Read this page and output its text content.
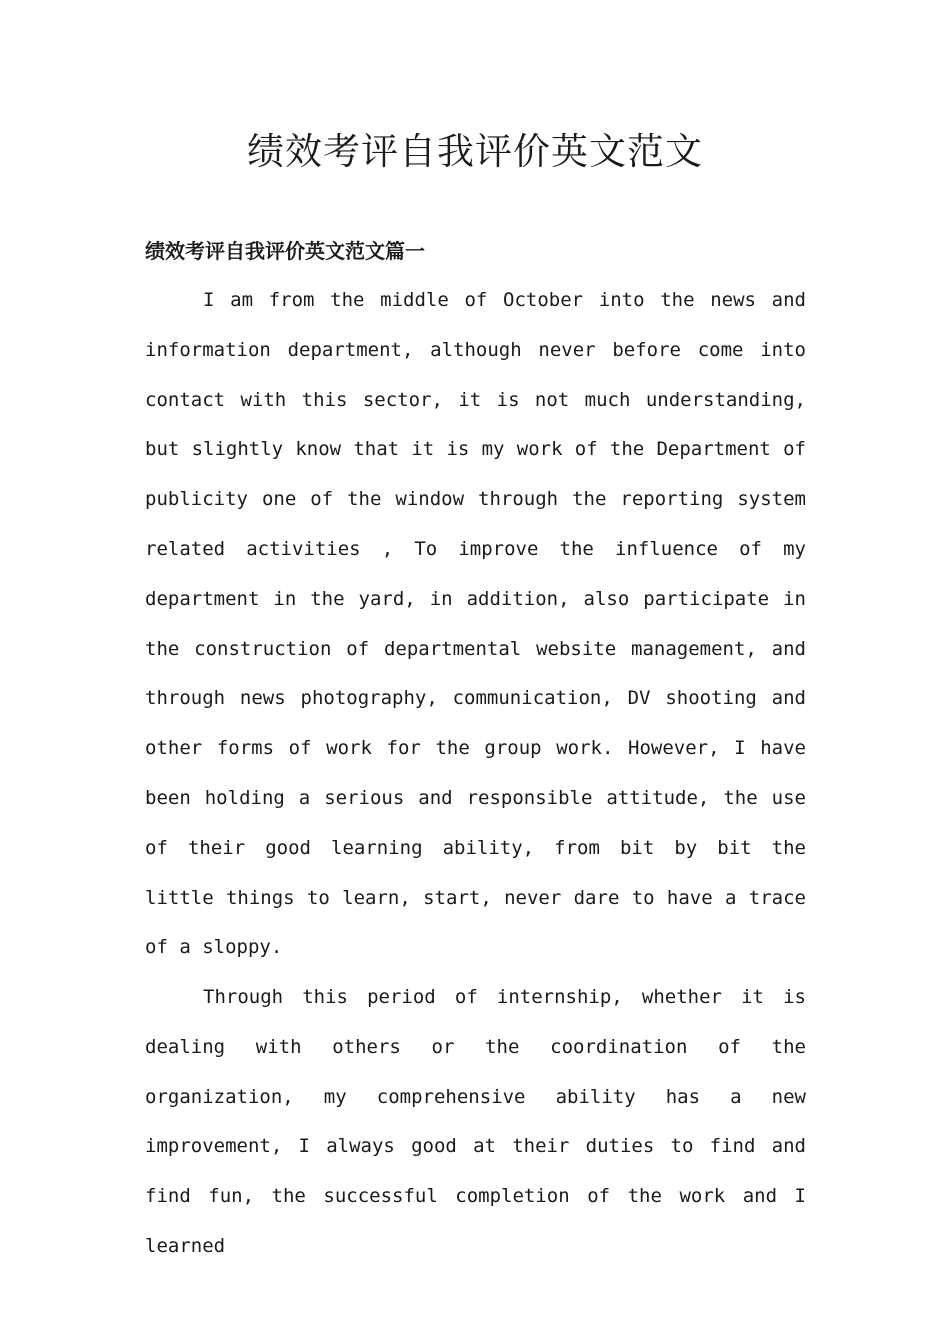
绩效考评自我评价英文范文
绩效考评自我评价英文范文篇一

I am from the middle of October into the news and information department, although never before come into contact with this sector, it is not much understanding, but slightly know that it is my work of the Department of publicity one of the window through the reporting system related activities , To improve the influence of my department in the yard, in addition, also participate in the construction of departmental website management, and through news photography, communication, DV shooting and other forms of work for the group work. However, I have been holding a serious and responsible attitude, the use of their good learning ability, from bit by bit the little things to learn, start, never dare to have a trace of a sloppy.

Through this period of internship, whether it is dealing with others or the coordination of the organization, my comprehensive ability has a new improvement, I always good at their duties to find and find fun, the successful completion of the work and I learned
